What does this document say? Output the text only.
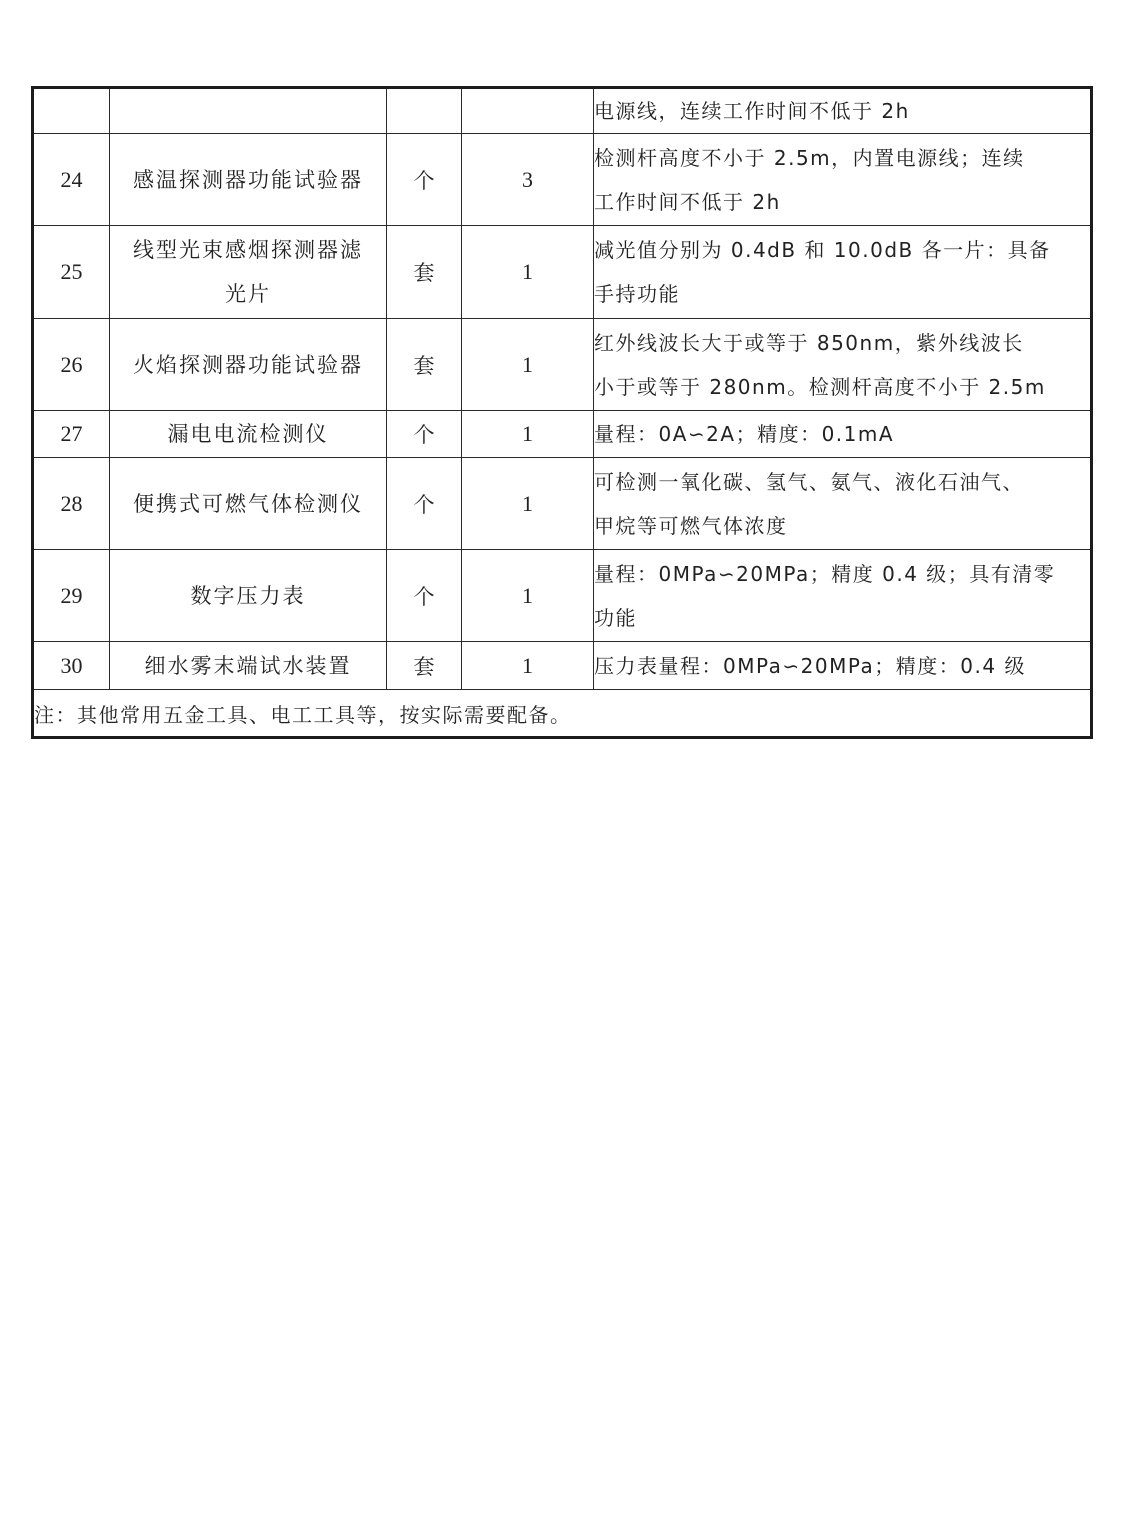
				电源线，连续工作时间不低于 2h

24	感温探测器功能试验器	个	3	检测杆高度不小于 2.5m，内置电源线；连续
工作时间不低于 2h

25	线型光束感烟探测器滤
光片	套	1	减光值分别为 0.4dB 和 10.0dB 各一片：具备
手持功能

26	火焰探测器功能试验器	套	1	红外线波长大于或等于 850nm，紫外线波长
小于或等于 280nm。检测杆高度不小于 2.5m

27	漏电电流检测仪	个	1	量程：0A∽2A；精度：0.1mA

28	便携式可燃气体检测仪	个	1	可检测一氧化碳、氢气、氨气、液化石油气、
甲烷等可燃气体浓度

29	数字压力表	个	1	量程：0MPa∽20MPa；精度 0.4 级；具有清零
功能

30	细水雾末端试水装置	套	1	压力表量程：0MPa∽20MPa；精度：0.4 级

注：其他常用五金工具、电工工具等，按实际需要配备。				
